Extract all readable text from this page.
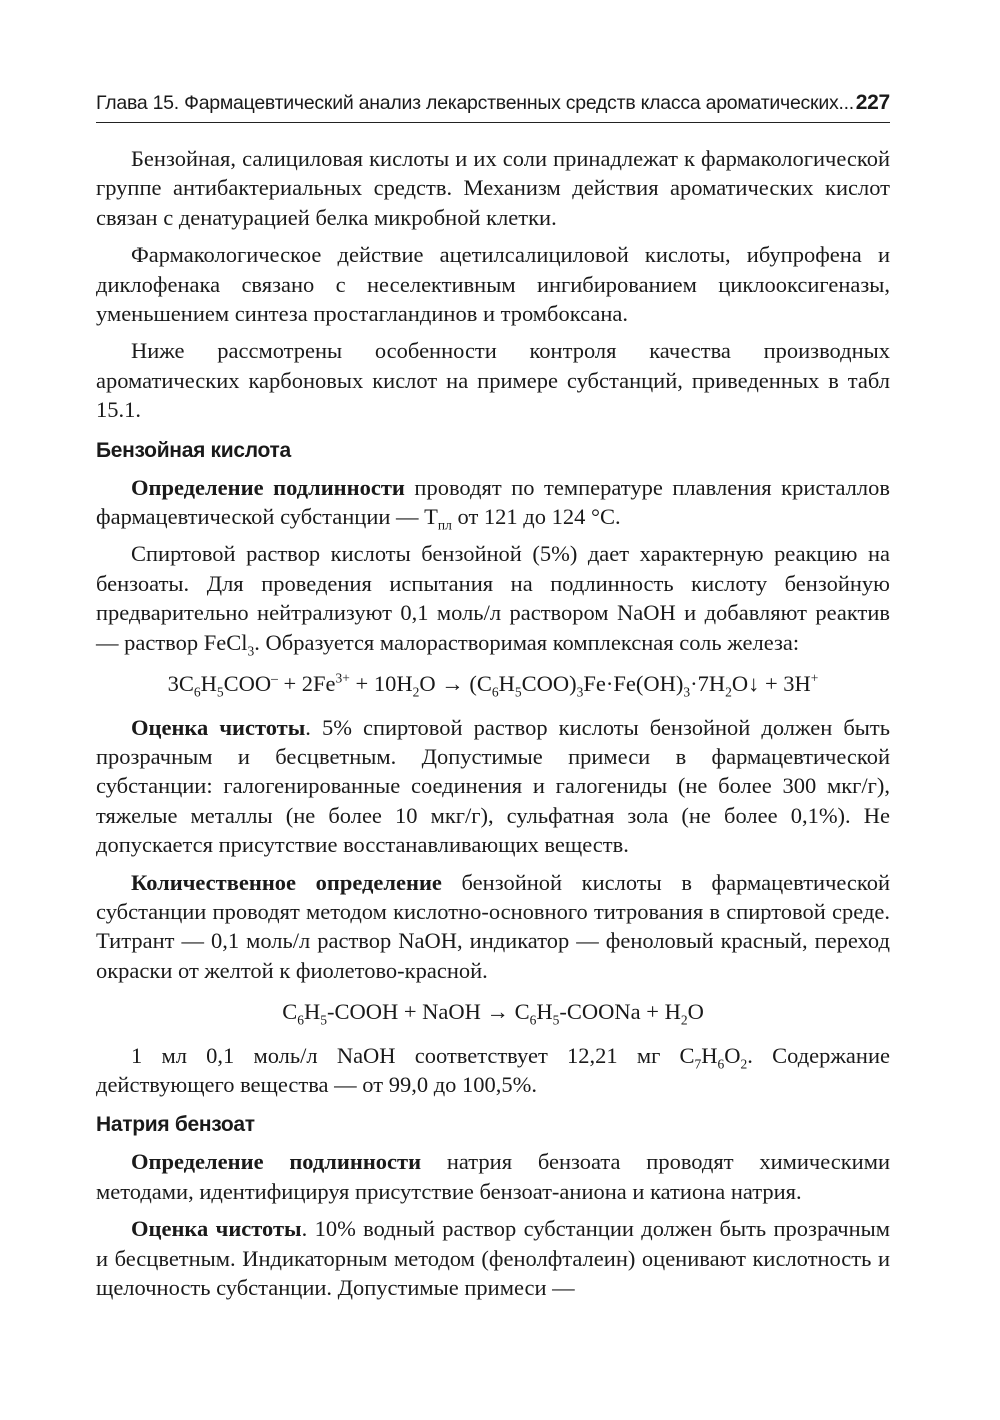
Глава 15. Фармацевтический анализ лекарственных средств класса ароматических... 227

Бензойная, салициловая кислоты и их соли принадлежат к фармакологической группе антибактериальных средств. Механизм действия ароматических кислот связан с денатурацией белка микробной клетки.

Фармакологическое действие ацетилсалициловой кислоты, ибупрофена и диклофенака связано с неселективным ингибированием циклооксигеназы, уменьшением синтеза простагландинов и тромбоксана.

Ниже рассмотрены особенности контроля качества производных ароматических карбоновых кислот на примере субстанций, приведенных в табл 15.1.

Бензойная кислота

Определение подлинности проводят по температуре плавления кристаллов фармацевтической субстанции — $Т_{пл}$ от 121 до 124 °С.

Спиртовой раствор кислоты бензойной (5%) дает характерную реакцию на бензоаты. Для проведения испытания на подлинность кислоту бензойную предварительно нейтрализуют 0,1 моль/л раствором NaOH и добавляют реактив — раствор FeCl$_3$. Образуется малорастворимая комплексная соль железа:

$3C_6H_5COO^- + 2Fe^{3+} + 10H_2O$ → $(C_6H_5COO)_3Fe\cdot Fe(OH)_3\cdot 7H_2O↓ + 3H^+$

Оценка чистоты. 5% спиртовой раствор кислоты бензойной должен быть прозрачным и бесцветным. Допустимые примеси в фармацевтической субстанции: галогенированные соединения и галогениды (не более 300 мкг/г), тяжелые металлы (не более 10 мкг/г), сульфатная зола (не более 0,1%). Не допускается присутствие восстанавливающих веществ.

Количественное определение бензойной кислоты в фармацевтической субстанции проводят методом кислотно-основного титрования в спиртовой среде. Титрант — 0,1 моль/л раствор NaOH, индикатор — феноловый красный, переход окраски от желтой к фиолетово-красной.

$C_6H_5$-COOH + NaOH → $C_6H_5$-COONa + $H_2O$

1 мл 0,1 моль/л NaOH соответствует 12,21 мг $C_7H_6O_2$. Содержание действующего вещества — от 99,0 до 100,5%.

Натрия бензоат

Определение подлинности натрия бензоата проводят химическими методами, идентифицируя присутствие бензоат-аниона и катиона натрия.

Оценка чистоты. 10% водный раствор субстанции должен быть прозрачным и бесцветным. Индикаторным методом (фенолфталеин) оценивают кислотность и щелочность субстанции. Допустимые примеси —
